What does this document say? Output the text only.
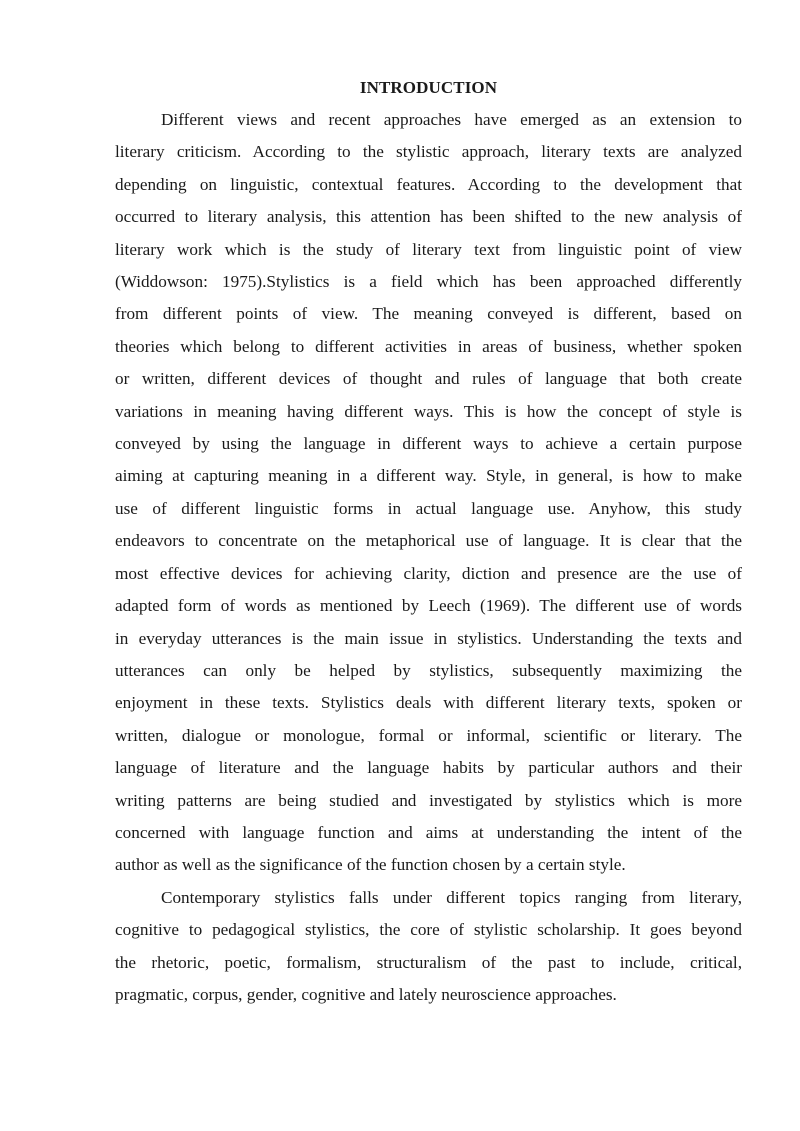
INTRODUCTION
Different views and recent approaches have emerged as an extension to
literary criticism. According to the stylistic approach, literary texts are analyzed
depending on linguistic, contextual features. According to the development that
occurred to literary analysis, this attention has been shifted to the new analysis of
literary work which is the study of literary text from linguistic point of view
(Widdowson: 1975).Stylistics is a field which has been approached differently
from different points of view. The meaning conveyed is different, based on
theories which belong to different activities in areas of business, whether spoken
or written, different devices of thought and rules of language that both create
variations in meaning having different ways. This is how the concept of style is
conveyed by using the language in different ways to achieve a certain purpose
aiming at capturing meaning in a different way. Style, in general, is how to make
use of different linguistic forms in actual language use. Anyhow, this study
endeavors to concentrate on the metaphorical use of language. It is clear that the
most effective devices for achieving clarity, diction and presence are the use of
adapted form of words as mentioned by Leech (1969). The different use of words
in everyday utterances is the main issue in stylistics. Understanding the texts and
utterances can only be helped by stylistics, subsequently maximizing the
enjoyment in these texts. Stylistics deals with different literary texts, spoken or
written, dialogue or monologue, formal or informal, scientific or literary. The
language of literature and the language habits by particular authors and their
writing patterns are being studied and investigated by stylistics which is more
concerned with language function and aims at understanding the intent of the
author as well as the significance of the function chosen by a certain style.
Contemporary stylistics falls under different topics ranging from literary,
cognitive to pedagogical stylistics, the core of stylistic scholarship. It goes beyond
the rhetoric, poetic, formalism, structuralism of the past to include, critical,
pragmatic, corpus, gender, cognitive and lately neuroscience approaches.
